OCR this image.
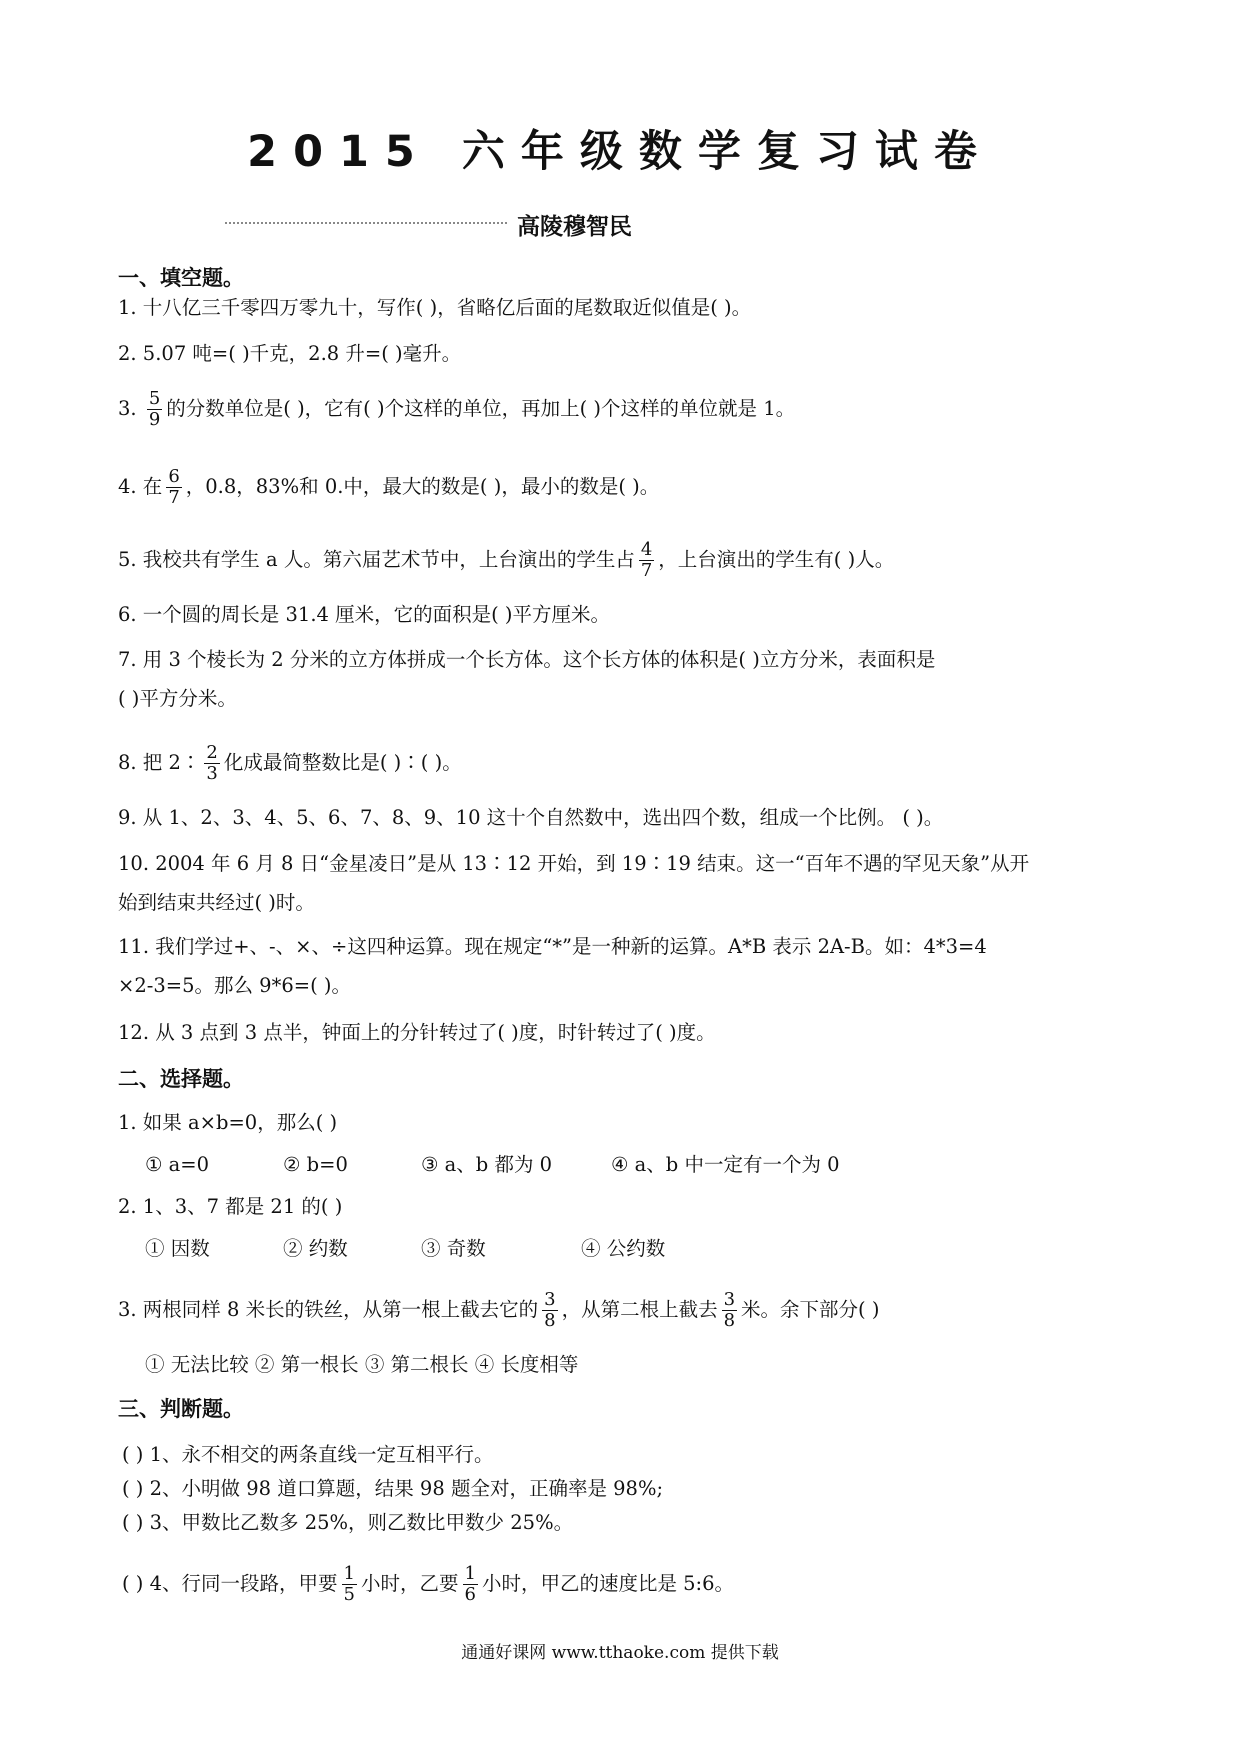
2015 六年级数学复习试卷
高陵穆智民
一、填空题。
1. 十八亿三千零四万零九十，写作( )，省略亿后面的尾数取近似值是( )。
2. 5.07 吨=( )千克，2.8 升=( )毫升。
3. $\frac{5}{9}$ 的分数单位是( )，它有( )个这样的单位，再加上( )个这样的单位就是 1。
4. 在 $\frac{6}{7}$ ，0.8，83%和 0.中，最大的数是( )，最小的数是( )。
5. 我校共有学生 a 人。第六届艺术节中，上台演出的学生占 $\frac{4}{7}$ ，上台演出的学生有( )人。
6. 一个圆的周长是 31.4 厘米，它的面积是( )平方厘米。
7. 用 3 个棱长为 2 分米的立方体拼成一个长方体。这个长方体的体积是( )立方分米，表面积是
( )平方分米。
8. 把 2∶ $\frac{2}{3}$ 化成最简整数比是( )∶( )。
9. 从 1、2、3、4、5、6、7、8、9、10 这十个自然数中，选出四个数，组成一个比例。 ( )。
10. 2004 年 6 月 8 日“金星凌日”是从 13∶12 开始，到 19∶19 结束。这一“百年不遇的罕见天象”从开
始到结束共经过( )时。
11. 我们学过+、-、×、÷这四种运算。现在规定“*”是一种新的运算。A*B 表示 2A-B。如：4*3=4
×2-3=5。那么 9*6=( )。
12. 从 3 点到 3 点半，钟面上的分针转过了( )度，时针转过了( )度。
二、选择题。
1. 如果 a×b=0，那么( )
① a=0	② b=0	③ a、b 都为 0	④ a、b 中一定有一个为 0
2. 1、3、7 都是 21 的( )
① 因数	② 约数	③ 奇数	④ 公约数
3. 两根同样 8 米长的铁丝，从第一根上截去它的 $\frac{3}{8}$ ，从第二根上截去 $\frac{3}{8}$ 米。余下部分( )
① 无法比较 ② 第一根长 ③ 第二根长 ④ 长度相等
三、判断题。
( ) 1、永不相交的两条直线一定互相平行。
( ) 2、小明做 98 道口算题，结果 98 题全对，正确率是 98%;
( ) 3、甲数比乙数多 25%，则乙数比甲数少 25%。
( ) 4、行同一段路，甲要 $\frac{1}{5}$ 小时，乙要 $\frac{1}{6}$ 小时，甲乙的速度比是 5:6。
通通好课网 www.tthaoke.com 提供下载
